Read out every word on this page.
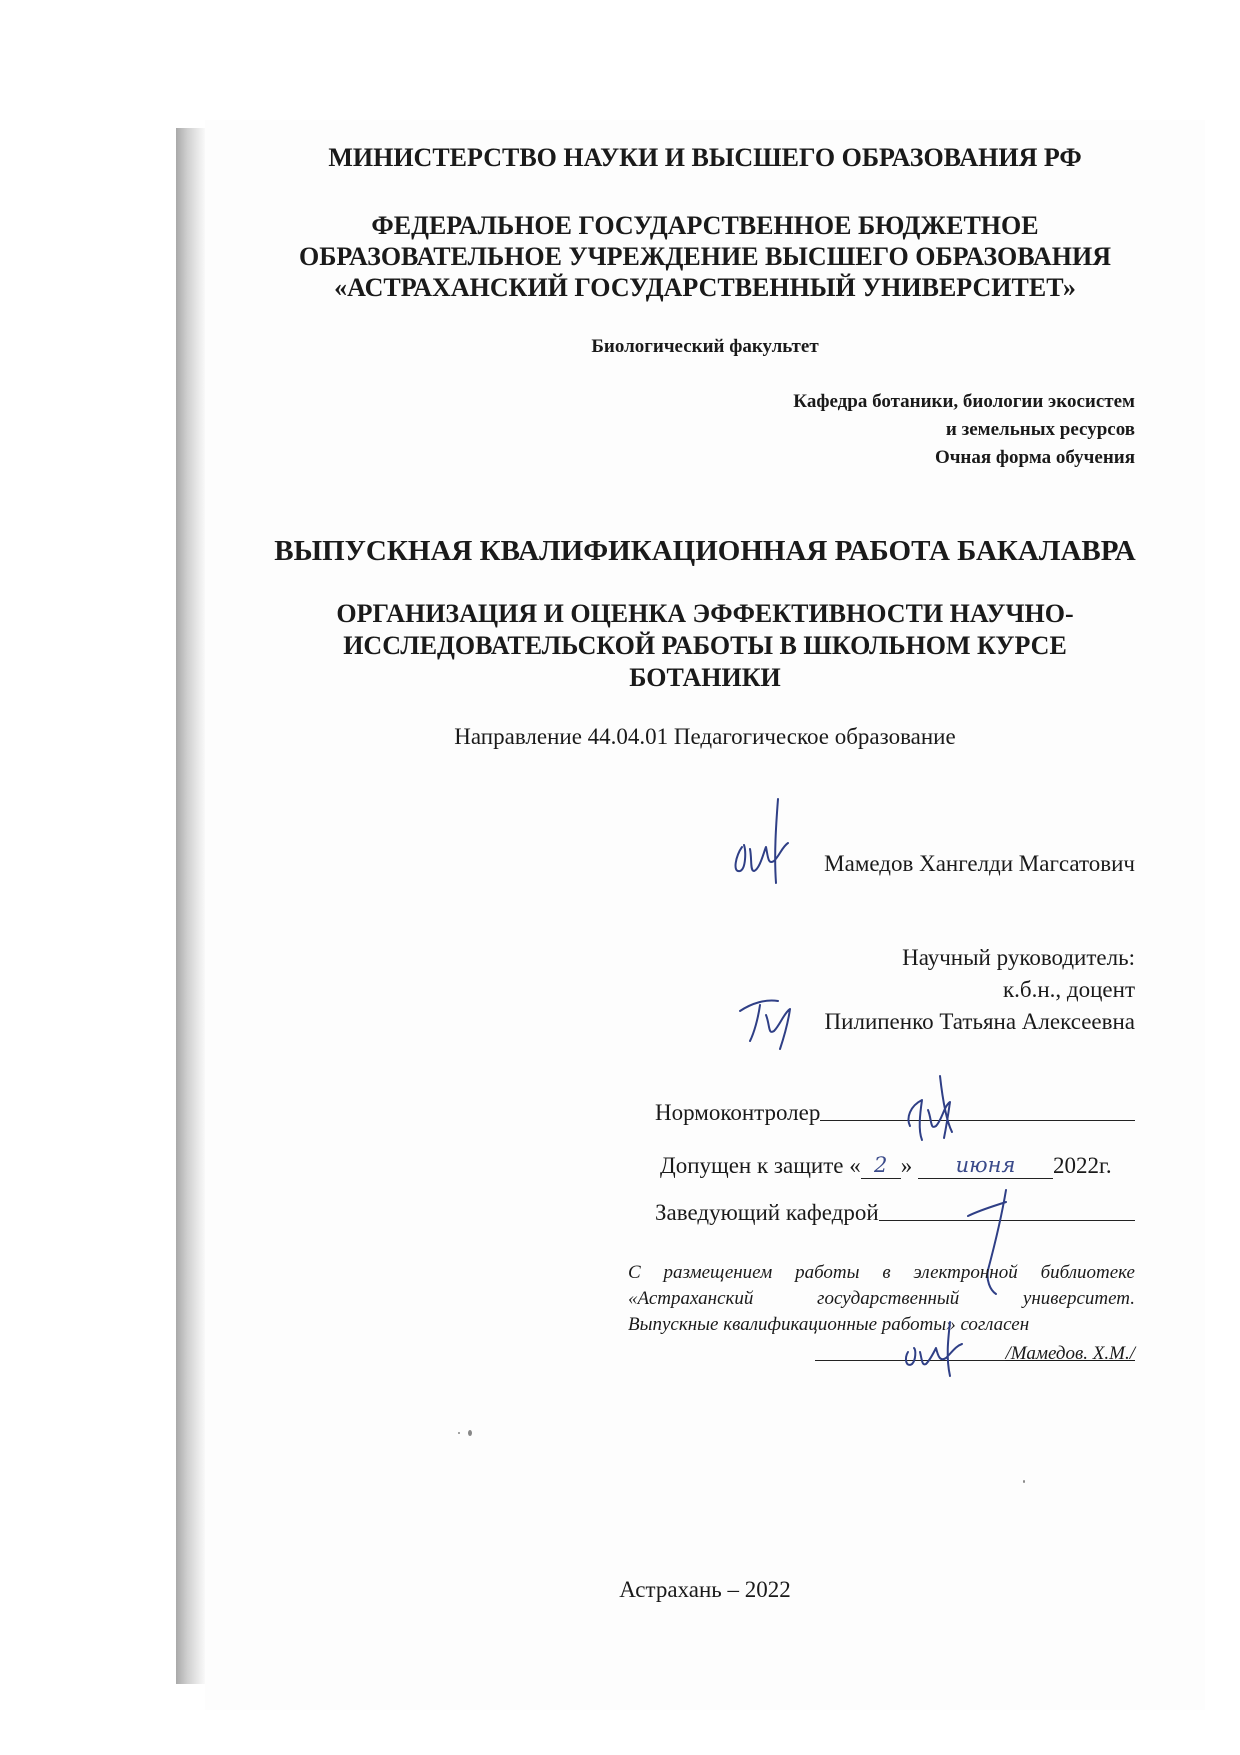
МИНИСТЕРСТВО НАУКИ И ВЫСШЕГО ОБРАЗОВАНИЯ РФ
ФЕДЕРАЛЬНОЕ ГОСУДАРСТВЕННОЕ БЮДЖЕТНОЕ
ОБРАЗОВАТЕЛЬНОЕ УЧРЕЖДЕНИЕ ВЫСШЕГО ОБРАЗОВАНИЯ
«АСТРАХАНСКИЙ ГОСУДАРСТВЕННЫЙ УНИВЕРСИТЕТ»
Биологический факультет
Кафедра ботаники, биологии экосистем
и земельных ресурсов
Очная форма обучения
ВЫПУСКНАЯ КВАЛИФИКАЦИОННАЯ РАБОТА БАКАЛАВРА
ОРГАНИЗАЦИЯ И ОЦЕНКА ЭФФЕКТИВНОСТИ НАУЧНО-
ИССЛЕДОВАТЕЛЬСКОЙ РАБОТЫ В ШКОЛЬНОМ КУРСЕ
БОТАНИКИ
Направление 44.04.01 Педагогическое образование
Мамедов Хангелди Магсатович
Научный руководитель:
к.б.н., доцент
Пилипенко Татьяна Алексеевна
Нормоконтролер
Допущен к защите « 2 »	июня	2022г.
Заведующий кафедрой
С размещением работы в электронной библиотеке
«Астраханский государственный университет.
Выпускные квалификационные работы» согласен
/Мамедов. Х.М./
Астрахань – 2022
